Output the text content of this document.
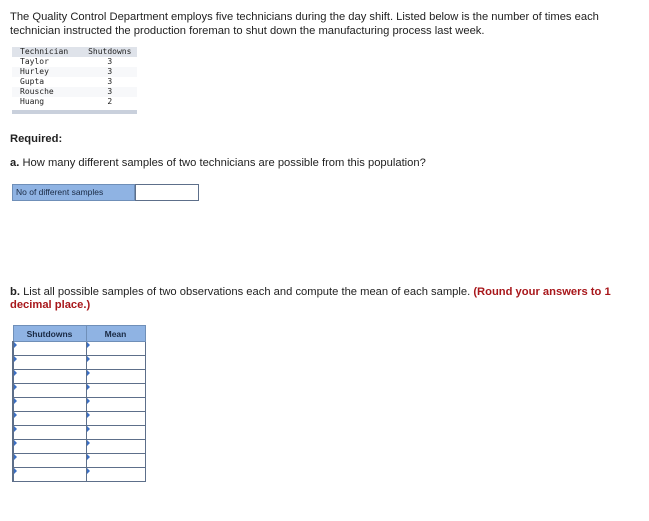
The Quality Control Department employs five technicians during the day shift. Listed below is the number of times each technician instructed the production foreman to shut down the manufacturing process last week.
Technician	Shutdowns
Taylor	3
Hurley	3
Gupta	3
Rousche	3
Huang	2
Required:
a. How many different samples of two technicians are possible from this population?
No of different samples
b. List all possible samples of two observations each and compute the mean of each sample. (Round your answers to 1 decimal place.)
Shutdowns	Mean
